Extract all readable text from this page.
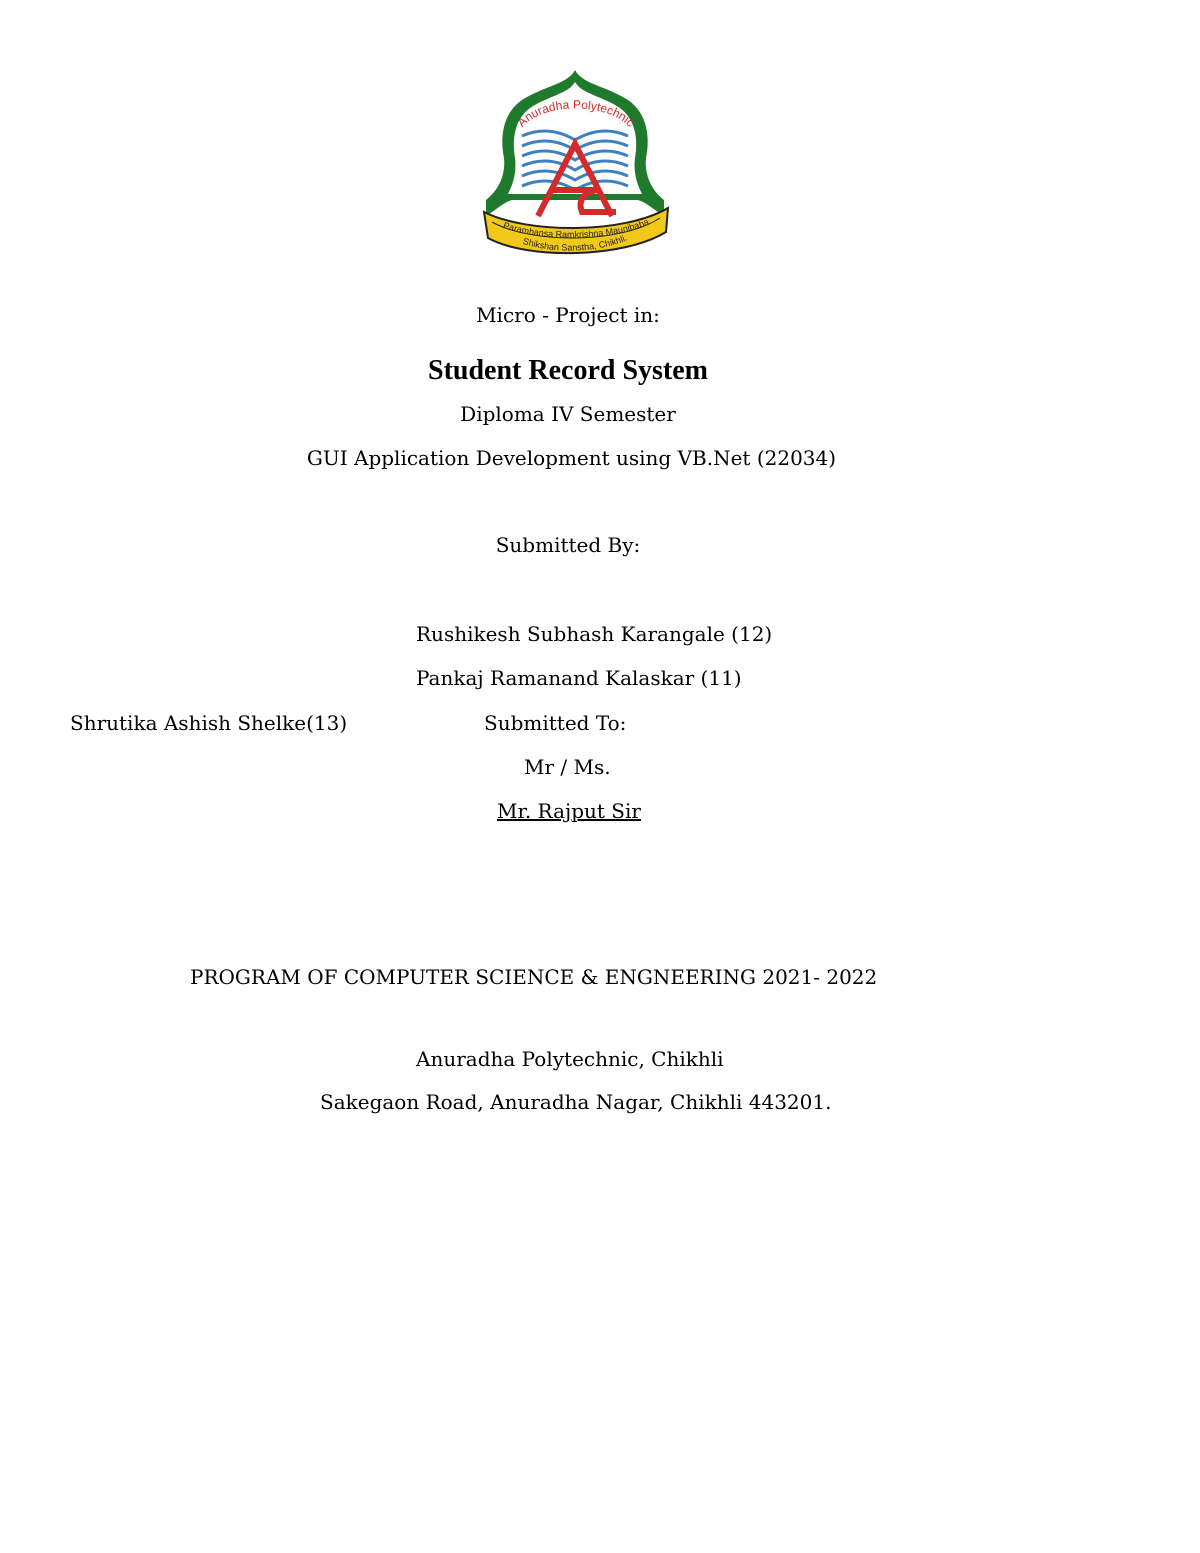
Anuradha Polytechnic
Paramhansa Ramkrishna Maunibaba
Shikshan Sanstha, Chikhli.
Micro - Project in:
Student Record System
Diploma IV Semester
GUI Application Development using VB.Net (22034)
Submitted By:
Rushikesh Subhash Karangale (12)
Pankaj Ramanand Kalaskar (11)
Shrutika Ashish Shelke(13)	Submitted To:
Mr / Ms.
Mr. Rajput Sir
PROGRAM OF COMPUTER SCIENCE & ENGNEERING 2021- 2022
Anuradha Polytechnic, Chikhli
Sakegaon Road, Anuradha Nagar, Chikhli 443201.
